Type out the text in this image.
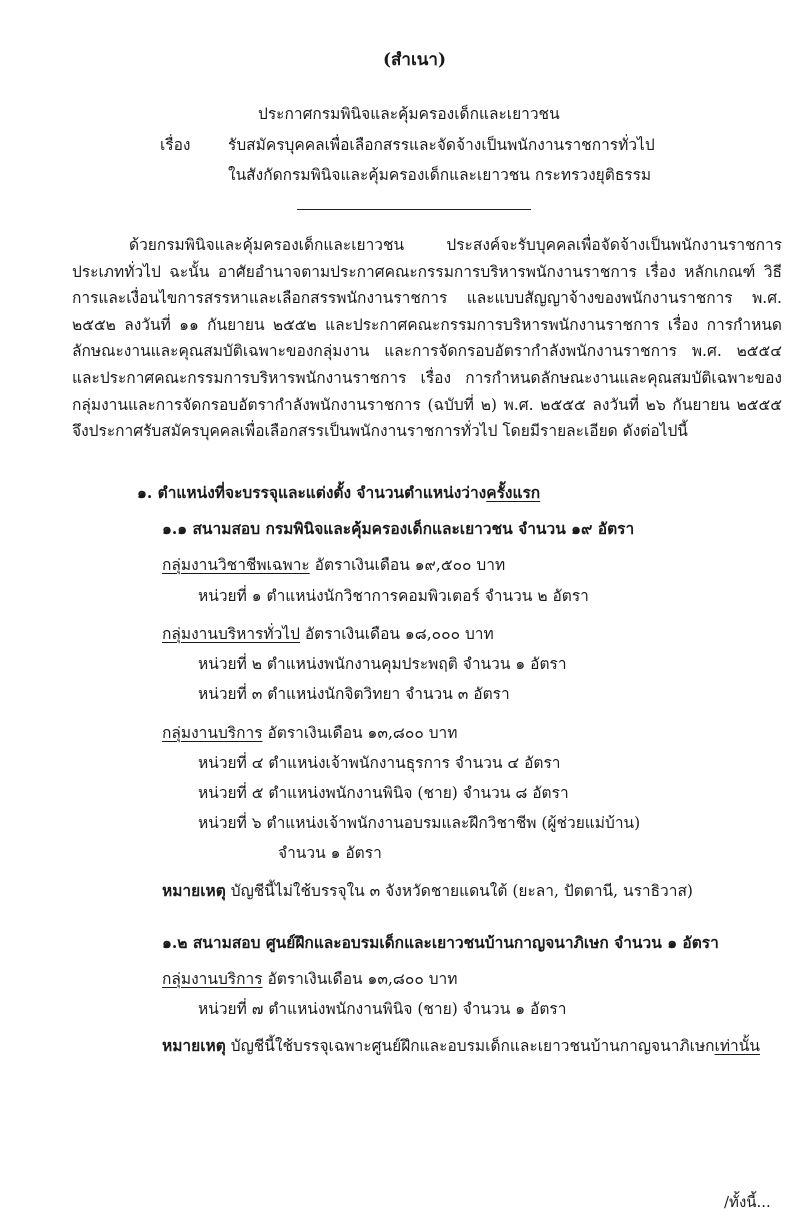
(สำเนา)
ประกาศกรมพินิจและคุ้มครองเด็กและเยาวชน
เรื่อง รับสมัครบุคคลเพื่อเลือกสรรและจัดจ้างเป็นพนักงานราชการทั่วไป
ในสังกัดกรมพินิจและคุ้มครองเด็กและเยาวชน กระทรวงยุติธรรม
ด้วยกรมพินิจและคุ้มครองเด็กและเยาวชน ประสงค์จะรับบุคคลเพื่อจัดจ้างเป็นพนักงานราชการ ประเภททั่วไป ฉะนั้น อาศัยอำนาจตามประกาศคณะกรรมการบริหารพนักงานราชการ เรื่อง หลักเกณฑ์ วิธีการและเงื่อนไขการสรรหาและเลือกสรรพนักงานราชการ และแบบสัญญาจ้างของพนักงานราชการ พ.ศ. ๒๕๕๒ ลงวันที่ ๑๑ กันยายน ๒๕๕๒ และประกาศคณะกรรมการบริหารพนักงานราชการ เรื่อง การกำหนดลักษณะงานและคุณสมบัติเฉพาะของกลุ่มงาน และการจัดกรอบอัตรากำลังพนักงานราชการ พ.ศ. ๒๕๕๔ และประกาศคณะกรรมการบริหารพนักงานราชการ เรื่อง การกำหนดลักษณะงานและคุณสมบัติเฉพาะของกลุ่มงานและการจัดกรอบอัตรากำลังพนักงานราชการ (ฉบับที่ ๒) พ.ศ. ๒๕๕๕ ลงวันที่ ๒๖ กันยายน ๒๕๕๕ จึงประกาศรับสมัครบุคคลเพื่อเลือกสรรเป็นพนักงานราชการทั่วไป โดยมีรายละเอียด ดังต่อไปนี้
๑. ตำแหน่งที่จะบรรจุและแต่งตั้ง จำนวนตำแหน่งว่างครั้งแรก
๑.๑ สนามสอบ กรมพินิจและคุ้มครองเด็กและเยาวชน จำนวน ๑๙ อัตรา
กลุ่มงานวิชาชีพเฉพาะ อัตราเงินเดือน ๑๙,๕๐๐ บาท
หน่วยที่ ๑ ตำแหน่งนักวิชาการคอมพิวเตอร์ จำนวน ๒ อัตรา
กลุ่มงานบริหารทั่วไป อัตราเงินเดือน ๑๘,๐๐๐ บาท
หน่วยที่ ๒ ตำแหน่งพนักงานคุมประพฤติ จำนวน ๑ อัตรา
หน่วยที่ ๓ ตำแหน่งนักจิตวิทยา จำนวน ๓ อัตรา
กลุ่มงานบริการ อัตราเงินเดือน ๑๓,๘๐๐ บาท
หน่วยที่ ๔ ตำแหน่งเจ้าพนักงานธุรการ จำนวน ๔ อัตรา
หน่วยที่ ๕ ตำแหน่งพนักงานพินิจ (ชาย) จำนวน ๘ อัตรา
หน่วยที่ ๖ ตำแหน่งเจ้าพนักงานอบรมและฝึกวิชาชีพ (ผู้ช่วยแม่บ้าน)
จำนวน ๑ อัตรา
หมายเหตุ บัญชีนี้ไม่ใช้บรรจุใน ๓ จังหวัดชายแดนใต้ (ยะลา, ปัตตานี, นราธิวาส)
๑.๒ สนามสอบ ศูนย์ฝึกและอบรมเด็กและเยาวชนบ้านกาญจนาภิเษก จำนวน ๑ อัตรา
กลุ่มงานบริการ อัตราเงินเดือน ๑๓,๘๐๐ บาท
หน่วยที่ ๗ ตำแหน่งพนักงานพินิจ (ชาย) จำนวน ๑ อัตรา
หมายเหตุ บัญชีนี้ใช้บรรจุเฉพาะศูนย์ฝึกและอบรมเด็กและเยาวชนบ้านกาญจนาภิเษกเท่านั้น
/ทั้งนี้...
